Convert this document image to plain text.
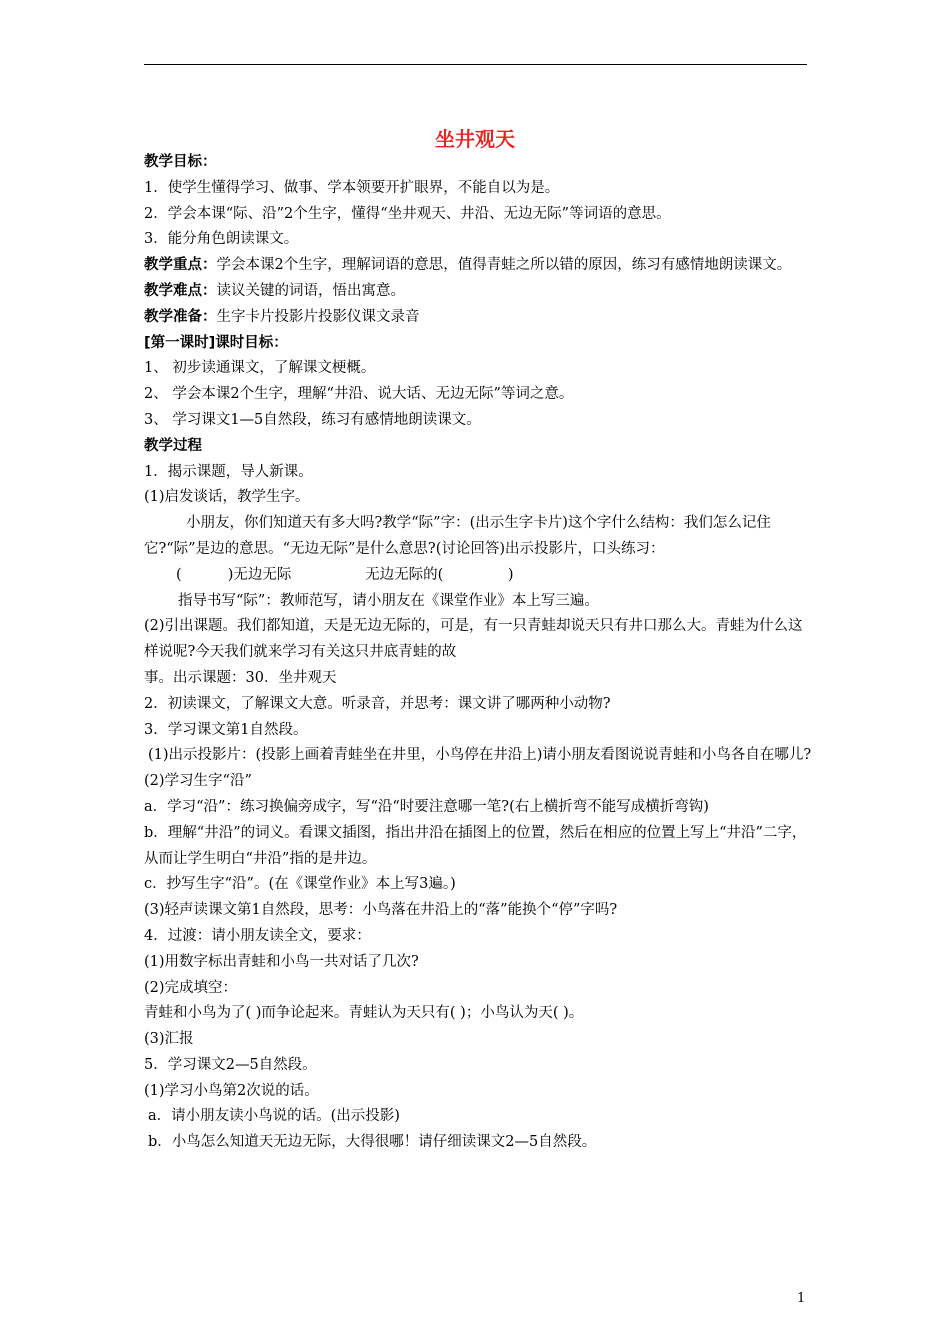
坐井观天
教学目标：
1．使学生懂得学习、做事、学本领要开扩眼界，不能自以为是。
2．学会本课“际、沿”2个生字，懂得“坐井观天、井沿、无边无际”等词语的意思。
3．能分角色朗读课文。
教学重点：学会本课2个生字，理解词语的意思，值得青蛙之所以错的原因，练习有感情地朗读课文。
教学难点：读议关键的词语，悟出寓意。
教学准备：生字卡片投影片投影仪课文录音
[第一课时]课时目标：
1、 初步读通课文，了解课文梗概。
2、 学会本课2个生字，理解“井沿、说大话、无边无际”等词之意。
3、 学习课文1—5自然段，练习有感情地朗读课文。
教学过程
1．揭示课题，导人新课。
(1)启发谈话，教学生字。
小朋友，你们知道天有多大吗?教学“际”字：(出示生字卡片)这个字什么结构：我们怎么记住它?“际”是边的意思。“无边无际”是什么意思?(讨论回答)出示投影片，口头练习：
(          )无边无际                无边无际的(              )
指导书写“际”：教师范写，请小朋友在《课堂作业》本上写三遍。
(2)引出课题。我们都知道，天是无边无际的，可是，有一只青蛙却说天只有井口那么大。青蛙为什么这样说呢?今天我们就来学习有关这只井底青蛙的故
事。出示课题：30．坐井观天
2．初读课文，了解课文大意。听录音，并思考：课文讲了哪两种小动物?
3．学习课文第1自然段。
(1)出示投影片：(投影上画着青蛙坐在井里，小鸟停在井沿上)请小朋友看图说说青蛙和小鸟各自在哪儿?
(2)学习生字“沿”
a．学习“沿”：练习换偏旁成字，写“沿“时要注意哪一笔?(右上横折弯不能写成横折弯钩)
b．理解“井沿”的词义。看课文插图，指出井沿在插图上的位置，然后在相应的位置上写上“井沿”二字，从而让学生明白“井沿”指的是井边。
c．抄写生字“沿”。(在《课堂作业》本上写3遍。)
(3)轻声读课文第1自然段，思考：小鸟落在井沿上的“落”能换个“停”字吗?
4．过渡：请小朋友读全文，要求：
(1)用数字标出青蛙和小鸟一共对话了几次?
(2)完成填空：
青蛙和小鸟为了( )而争论起来。青蛙认为天只有( )；小鸟认为天( )。
(3)汇报
5．学习课文2—5自然段。
(1)学习小鸟第2次说的话。
a．请小朋友读小鸟说的话。(出示投影)
b．小鸟怎么知道天无边无际，大得很哪！请仔细读课文2—5自然段。
1
